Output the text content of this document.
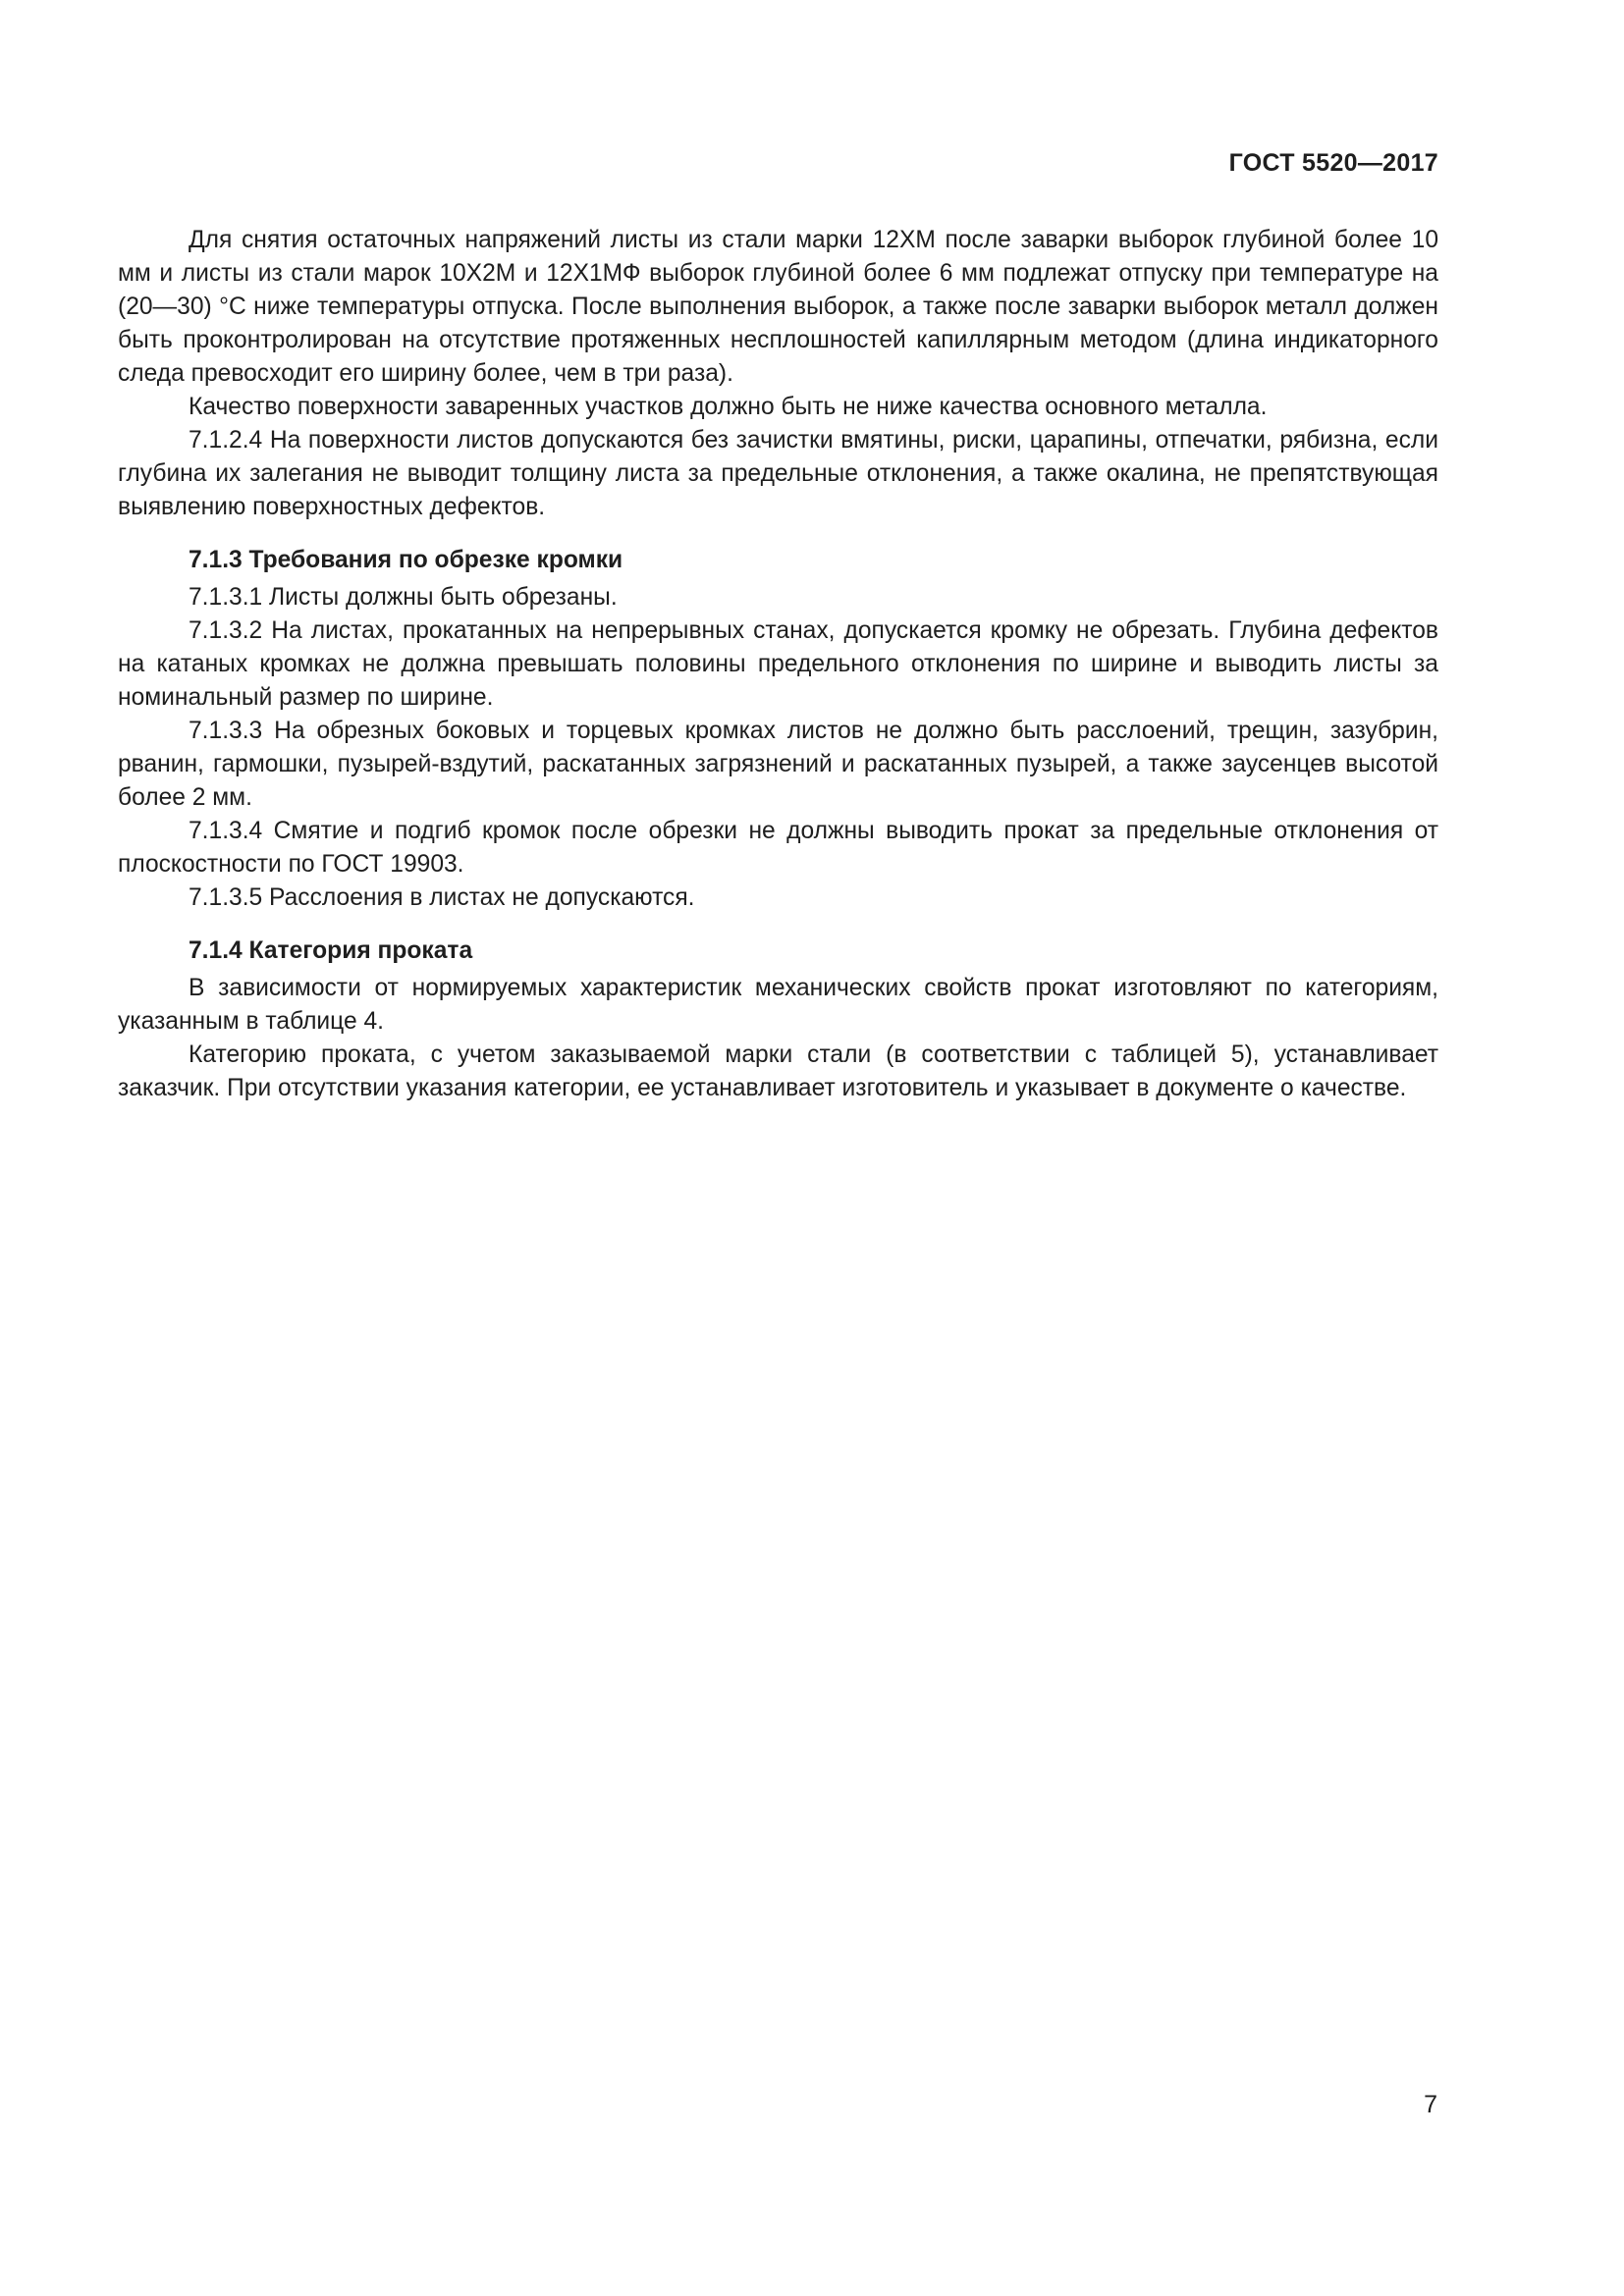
ГОСТ 5520—2017

Для снятия остаточных напряжений листы из стали марки 12ХМ после заварки выборок глубиной более 10 мм и листы из стали марок 10Х2М и 12Х1МФ выборок глубиной более 6 мм подлежат отпуску при температуре на (20—30) °С ниже температуры отпуска. После выполнения выборок, а также после заварки выборок металл должен быть проконтролирован на отсутствие протяженных несплошностей капиллярным методом (длина индикаторного следа превосходит его ширину более, чем в три раза).

Качество поверхности заваренных участков должно быть не ниже качества основного металла.

7.1.2.4 На поверхности листов допускаются без зачистки вмятины, риски, царапины, отпечатки, рябизна, если глубина их залегания не выводит толщину листа за предельные отклонения, а также окалина, не препятствующая выявлению поверхностных дефектов.

7.1.3 Требования по обрезке кромки

7.1.3.1 Листы должны быть обрезаны.

7.1.3.2 На листах, прокатанных на непрерывных станах, допускается кромку не обрезать. Глубина дефектов на катаных кромках не должна превышать половины предельного отклонения по ширине и выводить листы за номинальный размер по ширине.

7.1.3.3 На обрезных боковых и торцевых кромках листов не должно быть расслоений, трещин, зазубрин, рванин, гармошки, пузырей-вздутий, раскатанных загрязнений и раскатанных пузырей, а также заусенцев высотой более 2 мм.

7.1.3.4 Смятие и подгиб кромок после обрезки не должны выводить прокат за предельные отклонения от плоскостности по ГОСТ 19903.

7.1.3.5 Расслоения в листах не допускаются.

7.1.4 Категория проката

В зависимости от нормируемых характеристик механических свойств прокат изготовляют по категориям, указанным в таблице 4.

Категорию проката, с учетом заказываемой марки стали (в соответствии с таблицей 5), устанавливает заказчик. При отсутствии указания категории, ее устанавливает изготовитель и указывает в документе о качестве.

7
